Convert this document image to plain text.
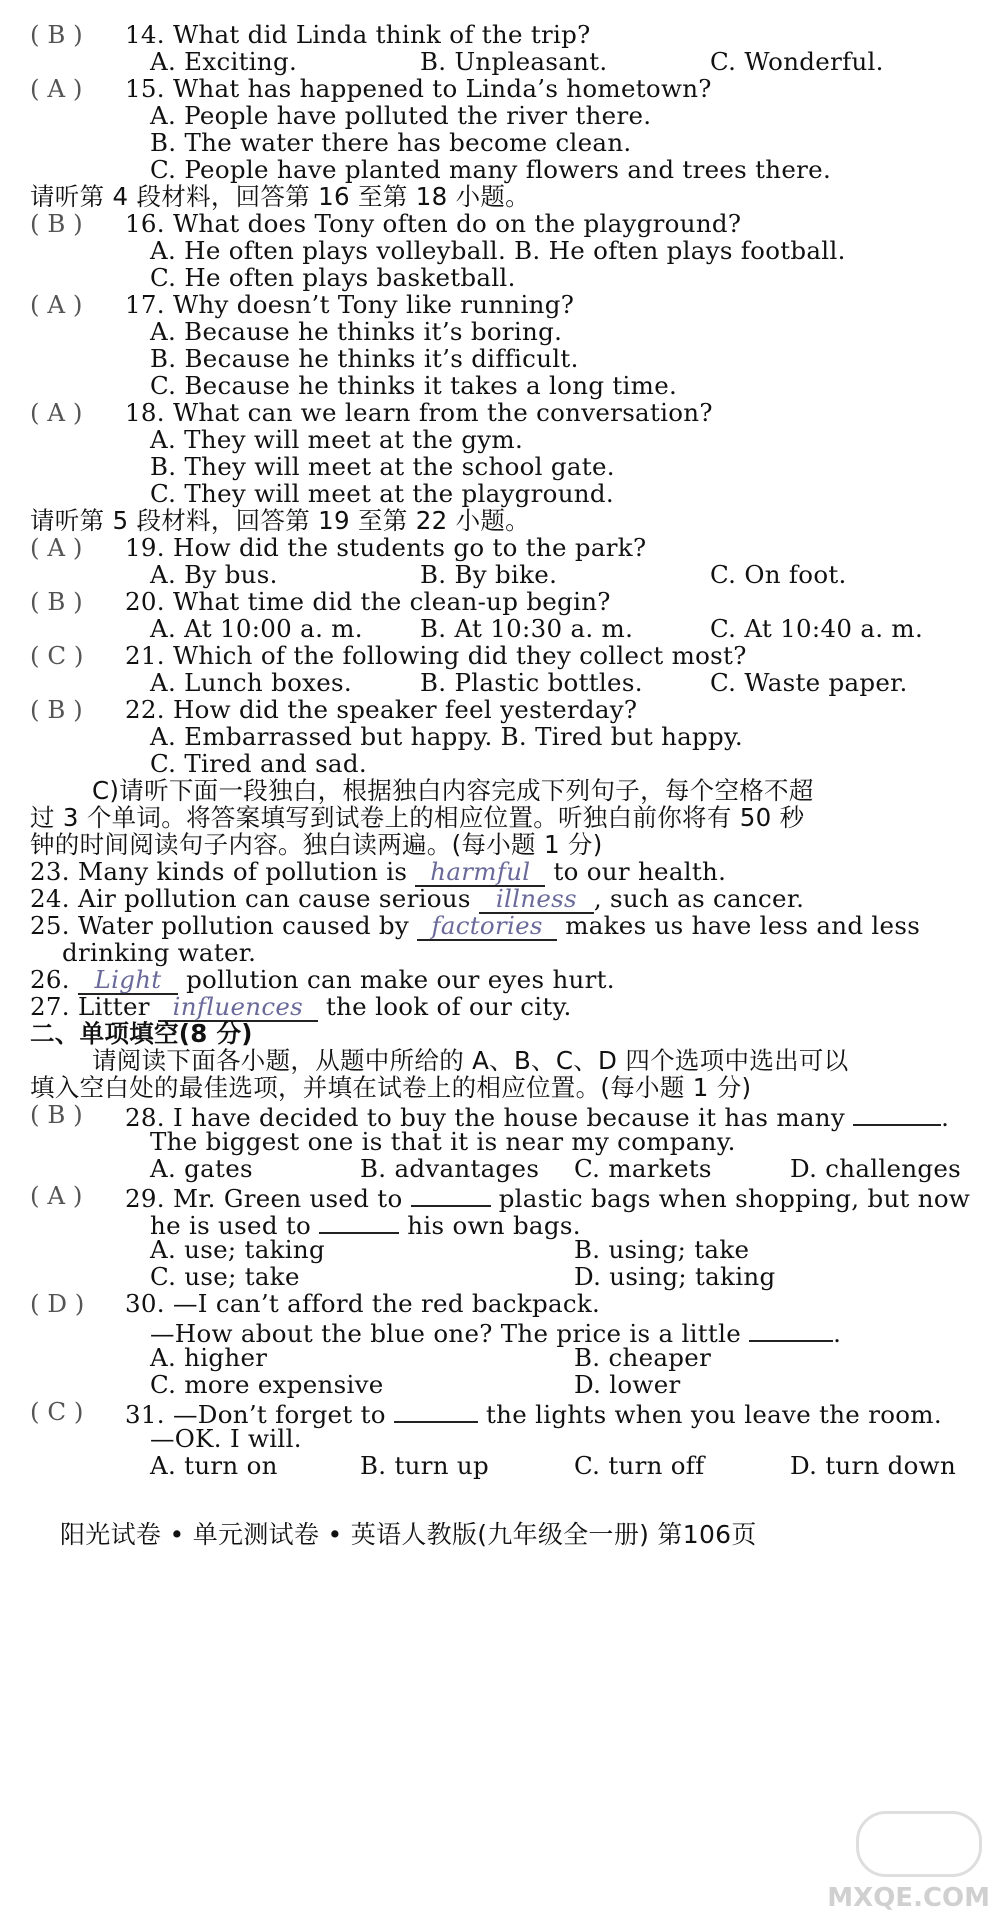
( B ) 14. What did Linda think of the trip?
A. Exciting.	B. Unpleasant.	C. Wonderful.
( A ) 15. What has happened to Linda’s hometown?
A. People have polluted the river there.
B. The water there has become clean.
C. People have planted many flowers and trees there.
请听第 4 段材料，回答第 16 至第 18 小题。
( B ) 16. What does Tony often do on the playground?
A. He often plays volleyball. B. He often plays football.
C. He often plays basketball.
( A ) 17. Why doesn’t Tony like running?
A. Because he thinks it’s boring.
B. Because he thinks it’s difficult.
C. Because he thinks it takes a long time.
( A ) 18. What can we learn from the conversation?
A. They will meet at the gym.
B. They will meet at the school gate.
C. They will meet at the playground.
请听第 5 段材料，回答第 19 至第 22 小题。
( A ) 19. How did the students go to the park?
A. By bus.	B. By bike.	C. On foot.
( B ) 20. What time did the clean-up begin?
A. At 10:00 a. m. B. At 10:30 a. m.	C. At 10:40 a. m.
( C ) 21. Which of the following did they collect most?
A. Lunch boxes.	B. Plastic bottles.	C. Waste paper.
( B ) 22. How did the speaker feel yesterday?
A. Embarrassed but happy. B. Tired but happy.
C. Tired and sad.
C)请听下面一段独白，根据独白内容完成下列句子，每个空格不超
过 3 个单词。将答案填写到试卷上的相应位置。听独白前你将有 50 秒
钟的时间阅读句子内容。独白读两遍。(每小题 1 分)
23. Many kinds of pollution is harmful to our health.
24. Air pollution can cause serious illness , such as cancer.
25. Water pollution caused by factories makes us have less and less
drinking water.
26. Light pollution can make our eyes hurt.
27. Litter influences the look of our city.
二、单项填空(8 分)
请阅读下面各小题，从题中所给的 A、B、C、D 四个选项中选出可以
填入空白处的最佳选项，并填在试卷上的相应位置。(每小题 1 分)
( B ) 28. I have decided to buy the house because it has many	.
The biggest one is that it is near my company.
A. gates	B. advantages C. markets	D. challenges
( A ) 29. Mr. Green used to	plastic bags when shopping, but now
he is used to	his own bags.
A. use; taking	B. using; take
C. use; take	D. using; taking
( D ) 30. —I can’t afford the red backpack.
—How about the blue one? The price is a little	.
A. higher	B. cheaper
C. more expensive	D. lower
( C ) 31. —Don’t forget to	the lights when you leave the room.
—OK. I will.
A. turn on	B. turn up	C. turn off	D. turn down
阳光试卷 • 单元测试卷 • 英语人教版(九年级全一册) 第106页
MXQE.COM
